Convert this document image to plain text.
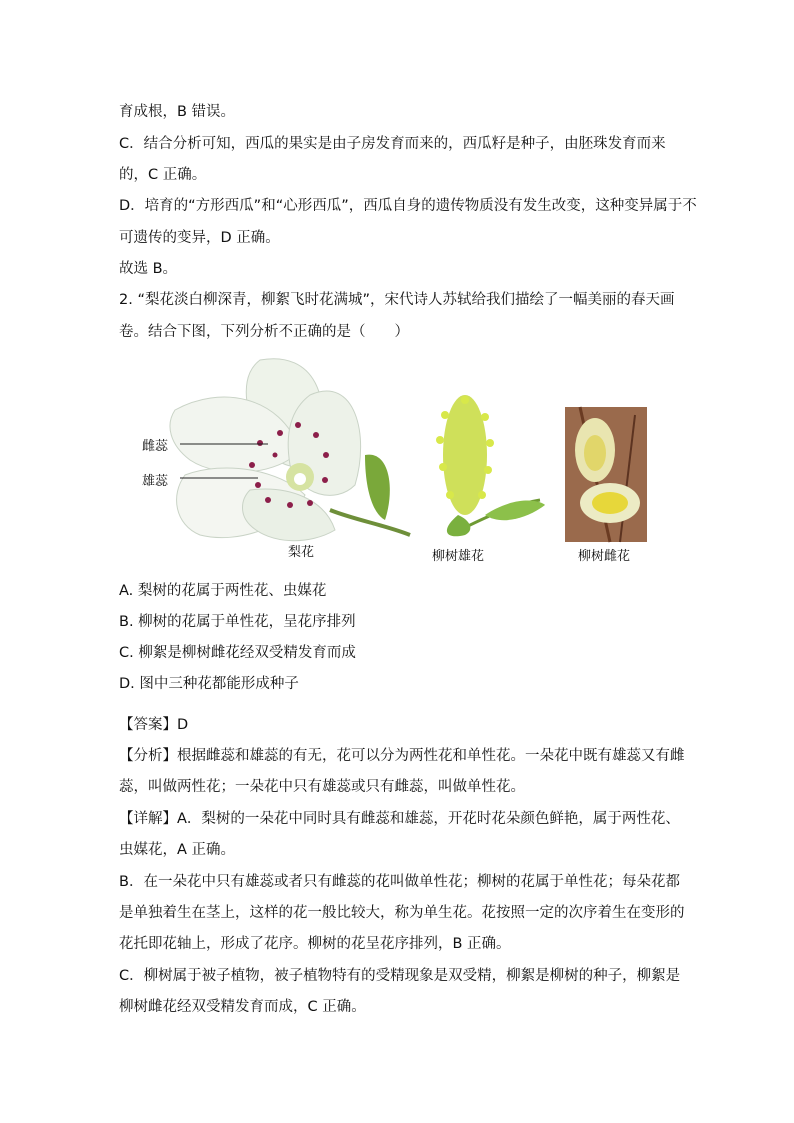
育成根，B 错误。
C．结合分析可知，西瓜的果实是由子房发育而来的，西瓜籽是种子，由胚珠发育而来
的，C 正确。
D．培育的“方形西瓜”和“心形西瓜”，西瓜自身的遗传物质没有发生改变，这种变异属于不
可遗传的变异，D 正确。
故选 B。
2. “梨花淡白柳深青，柳絮飞时花满城”，宋代诗人苏轼给我们描绘了一幅美丽的春天画
卷。结合下图，下列分析不正确的是（　　）
雌蕊
雄蕊
梨花	柳树雄花	柳树雌花
A. 梨树的花属于两性花、虫媒花
B. 柳树的花属于单性花，呈花序排列
C. 柳絮是柳树雌花经双受精发育而成
D. 图中三种花都能形成种子
【答案】D
【分析】根据雌蕊和雄蕊的有无，花可以分为两性花和单性花。一朵花中既有雄蕊又有雌
蕊，叫做两性花；一朵花中只有雄蕊或只有雌蕊，叫做单性花。
【详解】A．梨树的一朵花中同时具有雌蕊和雄蕊，开花时花朵颜色鲜艳，属于两性花、
虫媒花，A 正确。
B．在一朵花中只有雄蕊或者只有雌蕊的花叫做单性花；柳树的花属于单性花；每朵花都
是单独着生在茎上，这样的花一般比较大，称为单生花。花按照一定的次序着生在变形的
花托即花轴上，形成了花序。柳树的花呈花序排列，B 正确。
C．柳树属于被子植物，被子植物特有的受精现象是双受精，柳絮是柳树的种子，柳絮是
柳树雌花经双受精发育而成，C 正确。
